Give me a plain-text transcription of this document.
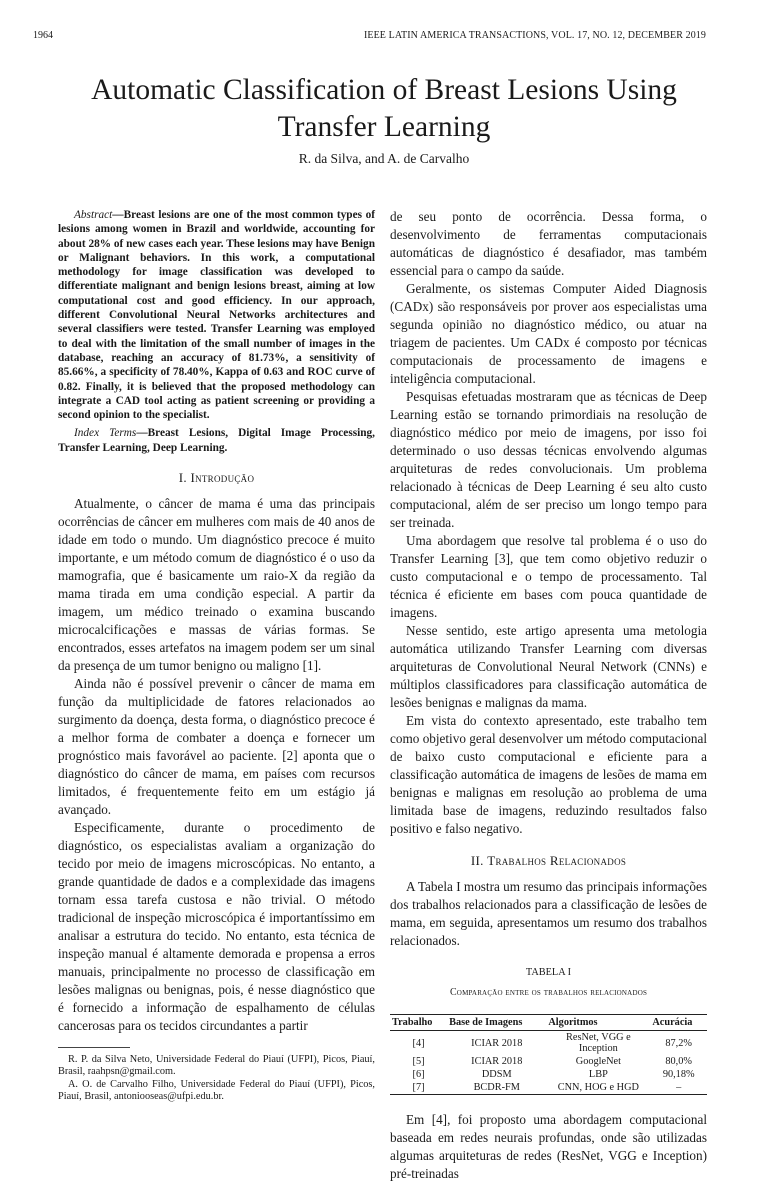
1964	IEEE LATIN AMERICA TRANSACTIONS, VOL. 17, NO. 12, DECEMBER 2019
Automatic Classification of Breast Lesions Using
Transfer Learning
R. da Silva, and A. de Carvalho

Abstract—Breast lesions are one of the most common types of lesions among women in Brazil and worldwide, accounting for about 28% of new cases each year. These lesions may have Benign or Malignant behaviors. In this work, a computational methodology for image classification was developed to differentiate malignant and benign lesions breast, aiming at low computational cost and good efficiency. In our approach, different Convolutional Neural Networks architectures and several classifiers were tested. Transfer Learning was employed to deal with the limitation of the small number of images in the database, reaching an accuracy of 81.73%, a sensitivity of 85.66%, a specificity of 78.40%, Kappa of 0.63 and ROC curve of 0.82. Finally, it is believed that the proposed methodology can integrate a CAD tool acting as patient screening or providing a second opinion to the specialist.

Index Terms—Breast Lesions, Digital Image Processing, Transfer Learning, Deep Learning.

I. Introdução

Atualmente, o câncer de mama é uma das principais ocorrências de câncer em mulheres com mais de 40 anos de idade em todo o mundo. Um diagnóstico precoce é muito importante, e um método comum de diagnóstico é o uso da mamografia, que é basicamente um raio-X da região da mama tirada em uma condição especial. A partir da imagem, um médico treinado o examina buscando microcalcificações e massas de várias formas. Se encontrados, esses artefatos na imagem podem ser um sinal da presença de um tumor benigno ou maligno [1].

Ainda não é possível prevenir o câncer de mama em função da multiplicidade de fatores relacionados ao surgimento da doença, desta forma, o diagnóstico precoce é a melhor forma de combater a doença e fornecer um prognóstico mais favorável ao paciente. [2] aponta que o diagnóstico do câncer de mama, em países com recursos limitados, é frequentemente feito em um estágio já avançado.

Especificamente, durante o procedimento de diagnóstico, os especialistas avaliam a organização do tecido por meio de imagens microscópicas. No entanto, a grande quantidade de dados e a complexidade das imagens tornam essa tarefa custosa e não trivial. O método tradicional de inspeção microscópica é importantíssimo em analisar a estrutura do tecido. No entanto, esta técnica de inspeção manual é altamente demorada e propensa a erros manuais, principalmente no processo de classificação em lesões malignas ou benignas, pois, é nesse diagnóstico que é fornecido a informação de espalhamento de células cancerosas para os tecidos circundantes a partir

R. P. da Silva Neto, Universidade Federal do Piauí (UFPI), Picos, Piauí, Brasil, raahpsn@gmail.com.

A. O. de Carvalho Filho, Universidade Federal do Piauí (UFPI), Picos, Piauí, Brasil, antoniooseas@ufpi.edu.br.

de seu ponto de ocorrência. Dessa forma, o desenvolvimento de ferramentas computacionais automáticas de diagnóstico é desafiador, mas também essencial para o campo da saúde.

Geralmente, os sistemas Computer Aided Diagnosis (CADx) são responsáveis por prover aos especialistas uma segunda opinião no diagnóstico médico, ou atuar na triagem de pacientes. Um CADx é composto por técnicas computacionais de processamento de imagens e inteligência computacional.

Pesquisas efetuadas mostraram que as técnicas de Deep Learning estão se tornando primordiais na resolução de diagnóstico médico por meio de imagens, por isso foi determinado o uso dessas técnicas envolvendo algumas arquiteturas de redes convolucionais. Um problema relacionado à técnicas de Deep Learning é seu alto custo computacional, além de ser preciso um longo tempo para ser treinada.

Uma abordagem que resolve tal problema é o uso do Transfer Learning [3], que tem como objetivo reduzir o custo computacional e o tempo de processamento. Tal técnica é eficiente em bases com pouca quantidade de imagens.

Nesse sentido, este artigo apresenta uma metologia automática utilizando Transfer Learning com diversas arquiteturas de Convolutional Neural Network (CNNs) e múltiplos classificadores para classificação automática de lesões benignas e malignas da mama.

Em vista do contexto apresentado, este trabalho tem como objetivo geral desenvolver um método computacional de baixo custo computacional e eficiente para a classificação automática de imagens de lesões de mama em benignas e malignas em resolução ao problema de uma limitada base de imagens, reduzindo resultados falso positivo e falso negativo.

II. Trabalhos Relacionados

A Tabela I mostra um resumo das principais informações dos trabalhos relacionados para a classificação de lesões de mama, em seguida, apresentamos um resumo dos trabalhos relacionados.

TABELA I
Comparação entre os trabalhos relacionados
Trabalho	Base de Imagens	Algoritmos	Acurácia
[4]	ICIAR 2018	ResNet, VGG e Inception	87,2%
[5]	ICIAR 2018	GoogleNet	80,0%
[6]	DDSM	LBP	90,18%
[7]	BCDR-FM	CNN, HOG e HGD	–

Em [4], foi proposto uma abordagem computacional baseada em redes neurais profundas, onde são utilizadas algumas arquiteturas de redes (ResNet, VGG e Inception) pré-treinadas
